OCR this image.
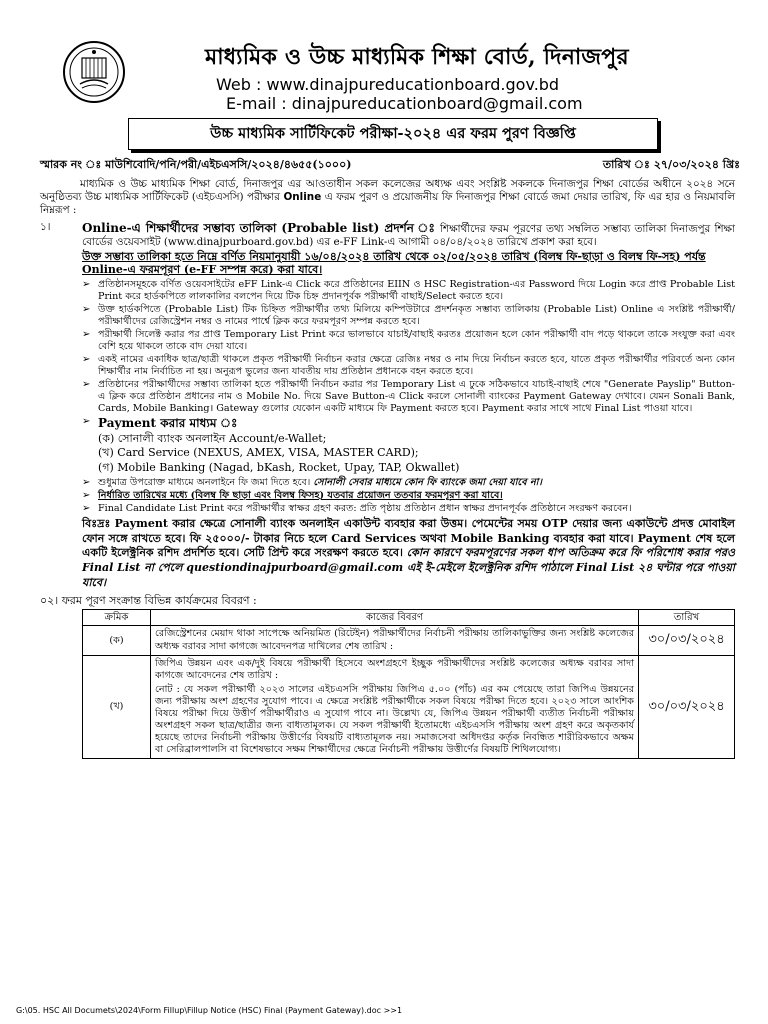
মাধ্যমিক ও উচ্চ মাধ্যমিক শিক্ষা বোর্ড, দিনাজপুর
Web : www.dinajpureducationboard.gov.bd
E-mail : dinajpureducationboard@gmail.com
উচ্চ মাধ্যমিক সার্টিফিকেট পরীক্ষা-২০২৪ এর ফরম পুরণ বিজ্ঞপ্তি
স্মারক নং ঃ মাউশিবোদি/পনি/পরী/এইচএসসি/২০২৪/৪৬৫৫(১০০০)	তারিখ ঃ ২৭/০৩/২০২৪ খ্রিঃ

মাধ্যমিক ও উচ্চ মাধ্যমিক শিক্ষা বোর্ড, দিনাজপুর এর আওতাধীন সকল কলেজের অধ্যক্ষ এবং সংশ্লিষ্ট সকলকে দিনাজপুর শিক্ষা বোর্ডের অধীনে ২০২৪ সনে অনুষ্ঠিতব্য উচ্চ মাধ্যমিক সার্টিফিকেট (এইচএসসি) পরীক্ষার Online এ ফরম পুরণ ও প্রয়োজনীয় ফি দিনাজপুর শিক্ষা বোর্ডে জমা দেয়ার তারিখ, ফি এর হার ও নিয়মাবলি নিম্নরূপ :

১।	Online-এ শিক্ষার্থীদের সম্ভাব্য তালিকা (Probable list) প্রদর্শন ঃ শিক্ষার্থীদের ফরম পূরণের তথ্য সম্বলিত সম্ভাব্য তালিকা দিনাজপুর শিক্ষা বোর্ডের ওয়েবসাইট (www.dinajpurboard.gov.bd) এর e-FF Link-এ আগামী ০৪/০৪/২০২৪ তারিখে প্রকাশ করা হবে।

উক্ত সম্ভাব্য তালিকা হতে নিম্নে বর্ণিত নিয়মানুযায়ী ১৬/০৪/২০২৪ তারিখ থেকে ০২/০৫/২০২৪ তারিখ (বিলম্ব ফি-ছাড়া ও বিলম্ব ফি-সহ) পর্যন্ত Online-এ ফরমপূরণ (e-FF সম্পন্ন করে) করা যাবে।

➢ প্রতিষ্ঠানসমূহকে বর্ণিত ওয়েবসাইটের eFF Link-এ Click করে প্রতিষ্ঠানের EIIN ও HSC Registration-এর Password দিয়ে Login করে প্রাপ্ত Probable List Print করে হার্ডকপিতে লালকালির বলপেন দিয়ে টিক চিহ্ন প্রদানপূর্বক পরীক্ষার্থী বাছাই/Select করতে হবে।
➢ উক্ত হার্ডকপিতে (Probable List) টিক চিহ্নিত পরীক্ষার্থীর তথ্য মিলিয়ে কম্পিউটারে প্রদর্শনকৃত সম্ভাব্য তালিকায় (Probable List) Online এ সংশ্লিষ্ট পরীক্ষার্থী/পরীক্ষার্থীদের রেজিস্ট্রেশন নম্বর ও নামের পার্শ্বে ক্লিক করে ফরমপূরণ সম্পন্ন করতে হবে।
➢ পরীক্ষার্থী সিলেক্ট করার পর প্রাপ্ত Temporary List Print করে ভালভাবে যাচাই/বাছাই করতঃ প্রয়োজন হলে কোন পরীক্ষার্থী বাদ পড়ে থাকলে তাকে সংযুক্ত করা এবং বেশি হয়ে থাকলে তাকে বাদ দেয়া যাবে।
➢ একই নামের একাধিক ছাত্র/ছাত্রী থাকলে প্রকৃত পরীক্ষার্থী নির্বাচন করার ক্ষেত্রে রেজিঃ নম্বর ও নাম দিয়ে নির্বাচন করতে হবে, যাতে প্রকৃত পরীক্ষার্থীর পরিবর্তে অন্য কোন শিক্ষার্থীর নাম নির্বাচিত না হয়। অনুরূপ ভুলের জন্য যাবতীয় দায় প্রতিষ্ঠান প্রধানকে বহন করতে হবে।
➢ প্রতিষ্ঠানের পরীক্ষার্থীদের সম্ভাব্য তালিকা হতে পরীক্ষার্থী নির্বাচন করার পর Temporary List এ ঢুকে সঠিকভাবে যাচাই-বাছাই শেষে "Generate Payslip" Button-এ ক্লিক করে প্রতিষ্ঠান প্রধানের নাম ও Mobile No. দিয়ে Save Button-এ Click করলে সোনালী ব্যাংকের Payment Gateway দেখাবে। যেমন Sonali Bank, Cards, Mobile Banking। Gateway গুলোর যেকোন একটি মাধ্যমে ফি Payment করতে হবে। Payment করার সাথে সাথে Final List পাওয়া যাবে।
➢ Payment করার মাধ্যম ঃ
(ক) সোনালী ব্যাংক অনলাইন Account/e-Wallet;
(খ) Card Service (NEXUS, AMEX, VISA, MASTER CARD);
(গ) Mobile Banking (Nagad, bKash, Rocket, Upay, TAP, Okwallet)
➢ শুধুমাত্র উপরোক্ত মাধ্যমে অনলাইনে ফি জমা দিতে হবে। সোনালী সেবার মাধ্যমে কোন ফি ব্যাংকে জমা দেয়া যাবে না।
➢ নির্ধারিত তারিখের মধ্যে (বিলম্ব ফি ছাড়া এবং বিলম্ব ফিসহ) যতবার প্রয়োজন ততবার ফরমপূরণ করা যাবে।
➢ Final Candidate List Print করে পরীক্ষার্থীর স্বাক্ষর গ্রহণ করত: প্রতি পৃষ্ঠায় প্রতিষ্ঠান প্রধান স্বাক্ষর প্রদানপূর্বক প্রতিষ্ঠানে সংরক্ষণ করবেন।

বিঃদ্রঃ Payment করার ক্ষেত্রে সোনালী ব্যাংক অনলাইন একাউন্ট ব্যবহার করা উত্তম। পেমেন্টের সময় OTP দেয়ার জন্য একাউন্টে প্রদত্ত মোবাইল ফোন সঙ্গে রাখতে হবে। ফি ২৫০০০/- টাকার নিচে হলে Card Services অথবা Mobile Banking ব্যবহার করা যাবে। Payment শেষ হলে একটি ইলেক্ট্রনিক রশিদ প্রদর্শিত হবে। সেটি প্রিন্ট করে সংরক্ষণ করতে হবে। কোন কারণে ফরমপূরণের সকল ধাপ অতিক্রম করে ফি পরিশোধ করার পরও Final List না পেলে questiondinajpurboard@gmail.com এই ই-মেইলে ইলেক্ট্রনিক রশিদ পাঠালে Final List ২৪ ঘন্টার পরে পাওয়া যাবে।

০২। ফরম পূরণ সংক্রান্ত বিভিন্ন কার্যক্রমের বিবরণ :
ক্রমিক	কাজের বিবরণ	তারিখ
(ক)	রেজিস্ট্রেশনের মেয়াদ থাকা সাপেক্ষে অনিয়মিত (রিটেইন) পরীক্ষার্থীদের নির্বাচনী পরীক্ষায় তালিকাভুক্তির জন্য সংশ্লিষ্ট কলেজের অধ্যক্ষ বরাবর সাদা কাগজে আবেদনপত্র দাখিলের শেষ তারিখ :	৩০/০৩/২০২৪
(খ)	জিপিএ উন্নয়ন এবং এক/দুই বিষয়ে পরীক্ষার্থী হিসেবে অংশগ্রহণে ইচ্ছুক পরীক্ষার্থীদের সংশ্লিষ্ট কলেজের অধ্যক্ষ বরাবর সাদা কাগজে আবেদনের শেষ তারিখ :
নোট : যে সকল পরীক্ষার্থী ২০২৩ সালের এইচএসসি পরীক্ষায় জিপিএ ৫.০০ (পাঁচ) এর কম পেয়েছে তারা জিপিএ উন্নয়নের জন্য পরীক্ষায় অংশ গ্রহণের সুযোগ পাবে। এ ক্ষেত্রে সংশ্লিষ্ট পরীক্ষার্থীকে সকল বিষয়ে পরীক্ষা দিতে হবে। ২০২৩ সালে আংশিক বিষয়ে পরীক্ষা দিয়ে উত্তীর্ণ পরীক্ষার্থীরাও এ সুযোগ পাবে না। উল্লেখ্য যে, জিপিএ উন্নয়ন পরীক্ষার্থী ব্যতীত নির্বাচনী পরীক্ষায় অংশগ্রহণ সকল ছাত্র/ছাত্রীর জন্য বাধ্যতামূলক। যে সকল পরীক্ষার্থী ইতোমধ্যে এইচএসসি পরীক্ষায় অংশ গ্রহণ করে অকৃতকার্য হয়েছে তাদের নির্বাচনী পরীক্ষায় উত্তীর্ণের বিষয়টি বাধ্যতামূলক নয়। সমাজসেবা অধিদপ্তর কর্তৃক নিবন্ধিত শারীরিকভাবে অক্ষম বা সেরিব্রালপালসি বা বিশেষভাবে সক্ষম শিক্ষার্থীদের ক্ষেত্রে নির্বাচনী পরীক্ষায় উত্তীর্ণের বিষয়টি শিথিলযোগ্য।	৩০/০৩/২০২৪
G:\05. HSC All Documets\2024\Form Fillup\Fillup Notice (HSC) Final (Payment Gateway).doc >>1
